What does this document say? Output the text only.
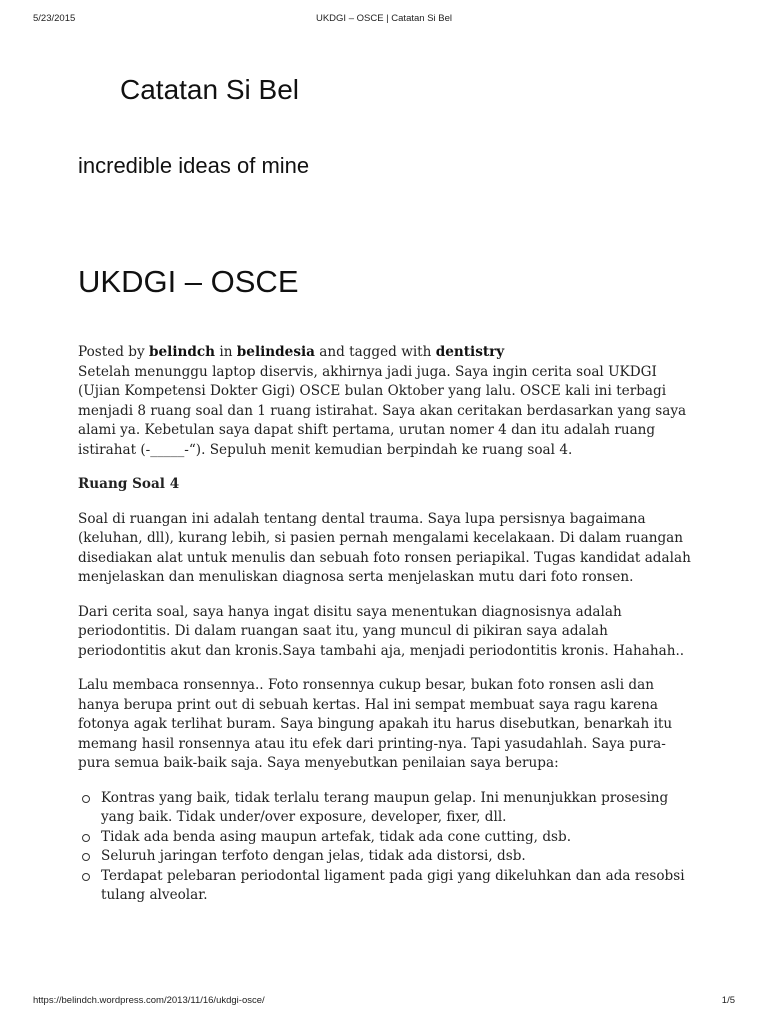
5/23/2015	UKDGI – OSCE | Catatan Si Bel
Catatan Si Bel
incredible ideas of mine
UKDGI – OSCE
Posted by belindch in belindesia and tagged with dentistry

Setelah menunggu laptop diservis, akhirnya jadi juga. Saya ingin cerita soal UKDGI (Ujian Kompetensi Dokter Gigi) OSCE bulan Oktober yang lalu. OSCE kali ini terbagi menjadi 8 ruang soal dan 1 ruang istirahat. Saya akan ceritakan berdasarkan yang saya alami ya. Kebetulan saya dapat shift pertama, urutan nomer 4 dan itu adalah ruang istirahat (-_____-“). Sepuluh menit kemudian berpindah ke ruang soal 4.

Ruang Soal 4

Soal di ruangan ini adalah tentang dental trauma. Saya lupa persisnya bagaimana (keluhan, dll), kurang lebih, si pasien pernah mengalami kecelakaan. Di dalam ruangan disediakan alat untuk menulis dan sebuah foto ronsen periapikal. Tugas kandidat adalah menjelaskan dan menuliskan diagnosa serta menjelaskan mutu dari foto ronsen.

Dari cerita soal, saya hanya ingat disitu saya menentukan diagnosisnya adalah periodontitis. Di dalam ruangan saat itu, yang muncul di pikiran saya adalah periodontitis akut dan kronis.Saya tambahi aja, menjadi periodontitis kronis. Hahahah..

Lalu membaca ronsennya.. Foto ronsennya cukup besar, bukan foto ronsen asli dan hanya berupa print out di sebuah kertas. Hal ini sempat membuat saya ragu karena fotonya agak terlihat buram. Saya bingung apakah itu harus disebutkan, benarkah itu memang hasil ronsennya atau itu efek dari printing-nya. Tapi yasudahlah. Saya pura-pura semua baik-baik saja. Saya menyebutkan penilaian saya berupa:

Kontras yang baik, tidak terlalu terang maupun gelap. Ini menunjukkan prosesing yang baik. Tidak under/over exposure, developer, fixer, dll.
Tidak ada benda asing maupun artefak, tidak ada cone cutting, dsb.
Seluruh jaringan terfoto dengan jelas, tidak ada distorsi, dsb.
Terdapat pelebaran periodontal ligament pada gigi yang dikeluhkan dan ada resobsi tulang alveolar.
https://belindch.wordpress.com/2013/11/16/ukdgi-osce/	1/5
